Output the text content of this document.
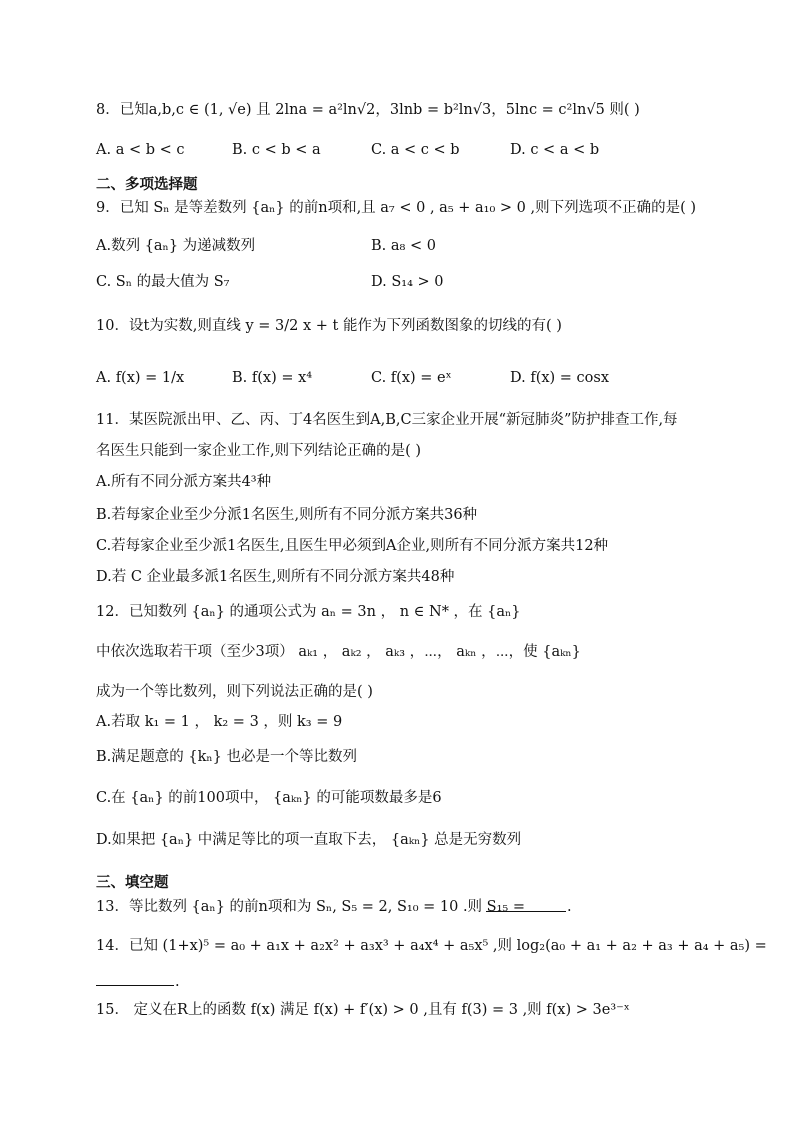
8．已知a,b,c ∈ (1, √e) 且 2lna = a²ln√2，3lnb = b²ln√3，5lnc = c²ln√5 则( )
A. a < b < c	B. c < b < a	C. a < c < b	D. c < a < b
二、多项选择题
9．已知 Sₙ 是等差数列 {aₙ} 的前n项和,且 a₇ < 0 , a₅ + a₁₀ > 0 ,则下列选项不正确的是( )
A.数列 {aₙ} 为递减数列	B. a₈ < 0
C. Sₙ 的最大值为 S₇	D. S₁₄ > 0
10．设t为实数,则直线 y = 3/2 x + t 能作为下列函数图象的切线的有( )
A. f(x) = 1/x	B. f(x) = x⁴	C. f(x) = eˣ	D. f(x) = cosx
11．某医院派出甲、乙、丙、丁4名医生到A,B,C三家企业开展“新冠肺炎”防护排查工作,每
名医生只能到一家企业工作,则下列结论正确的是( )
A.所有不同分派方案共4³种
B.若每家企业至少分派1名医生,则所有不同分派方案共36种
C.若每家企业至少派1名医生,且医生甲必须到A企业,则所有不同分派方案共12种
D.若 C 企业最多派1名医生,则所有不同分派方案共48种
12．已知数列 {aₙ} 的通项公式为 aₙ = 3n ， n ∈ N* ，在 {aₙ}
中依次选取若干项（至少3项） aₖ₁ ， aₖ₂ ， aₖ₃ ，⋯， aₖₙ ，⋯，使 {aₖₙ}
成为一个等比数列，则下列说法正确的是( )
A.若取 k₁ = 1 ， k₂ = 3 ，则 k₃ = 9
B.满足题意的 {kₙ} 也必是一个等比数列
C.在 {aₙ} 的前100项中， {aₖₙ} 的可能项数最多是6
D.如果把 {aₙ} 中满足等比的项一直取下去， {aₖₙ} 总是无穷数列
三、填空题
13．等比数列 {aₙ} 的前n项和为 Sₙ, S₅ = 2, S₁₀ = 10 .则 S₁₅ =	.
14．已知 (1+x)⁵ = a₀ + a₁x + a₂x² + a₃x³ + a₄x⁴ + a₅x⁵ ,则 log₂(a₀ + a₁ + a₂ + a₃ + a₄ + a₅) =
.
15． 定义在R上的函数 f(x) 满足 f(x) + f′(x) > 0 ,且有 f(3) = 3 ,则 f(x) > 3e³⁻ˣ
